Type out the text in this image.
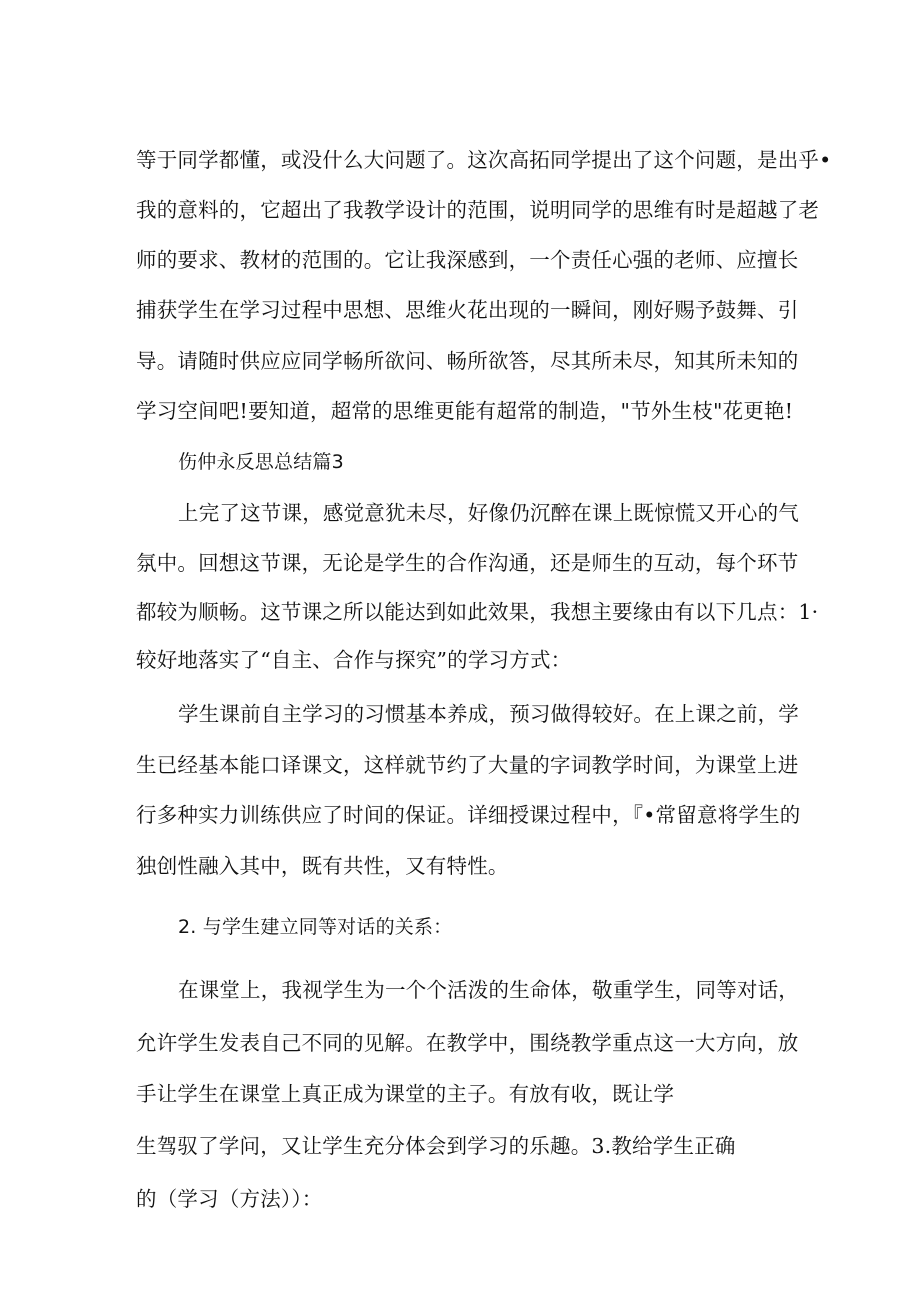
等于同学都懂，或没什么大问题了。这次高拓同学提出了这个问题，是出乎•
我的意料的，它超出了我教学设计的范围，说明同学的思维有时是超越了老
师的要求、教材的范围的。它让我深感到，一个责任心强的老师、应擅长
捕获学生在学习过程中思想、思维火花出现的一瞬间，刚好赐予鼓舞、引
导。请随时供应应同学畅所欲问、畅所欲答，尽其所未尽，知其所未知的
学习空间吧!要知道，超常的思维更能有超常的制造，"节外生枝"花更艳!
伤仲永反思总结篇3
上完了这节课，感觉意犹未尽，好像仍沉醉在课上既惊慌又开心的气
氛中。回想这节课，无论是学生的合作沟通，还是师生的互动，每个环节
都较为顺畅。这节课之所以能达到如此效果，我想主要缘由有以下几点：1·
较好地落实了“自主、合作与探究”的学习方式：
学生课前自主学习的习惯基本养成，预习做得较好。在上课之前，学
生已经基本能口译课文，这样就节约了大量的字词教学时间，为课堂上进
行多种实力训练供应了时间的保证。详细授课过程中，『•常留意将学生的
独创性融入其中，既有共性，又有特性。
2. 与学生建立同等对话的关系：
在课堂上，我视学生为一个个活泼的生命体，敬重学生，同等对话，
允许学生发表自己不同的见解。在教学中，围绕教学重点这一大方向，放
手让学生在课堂上真正成为课堂的主子。有放有收，既让学
生驾驭了学问，又让学生充分体会到学习的乐趣。3.教给学生正确
的（学习（方法））：
